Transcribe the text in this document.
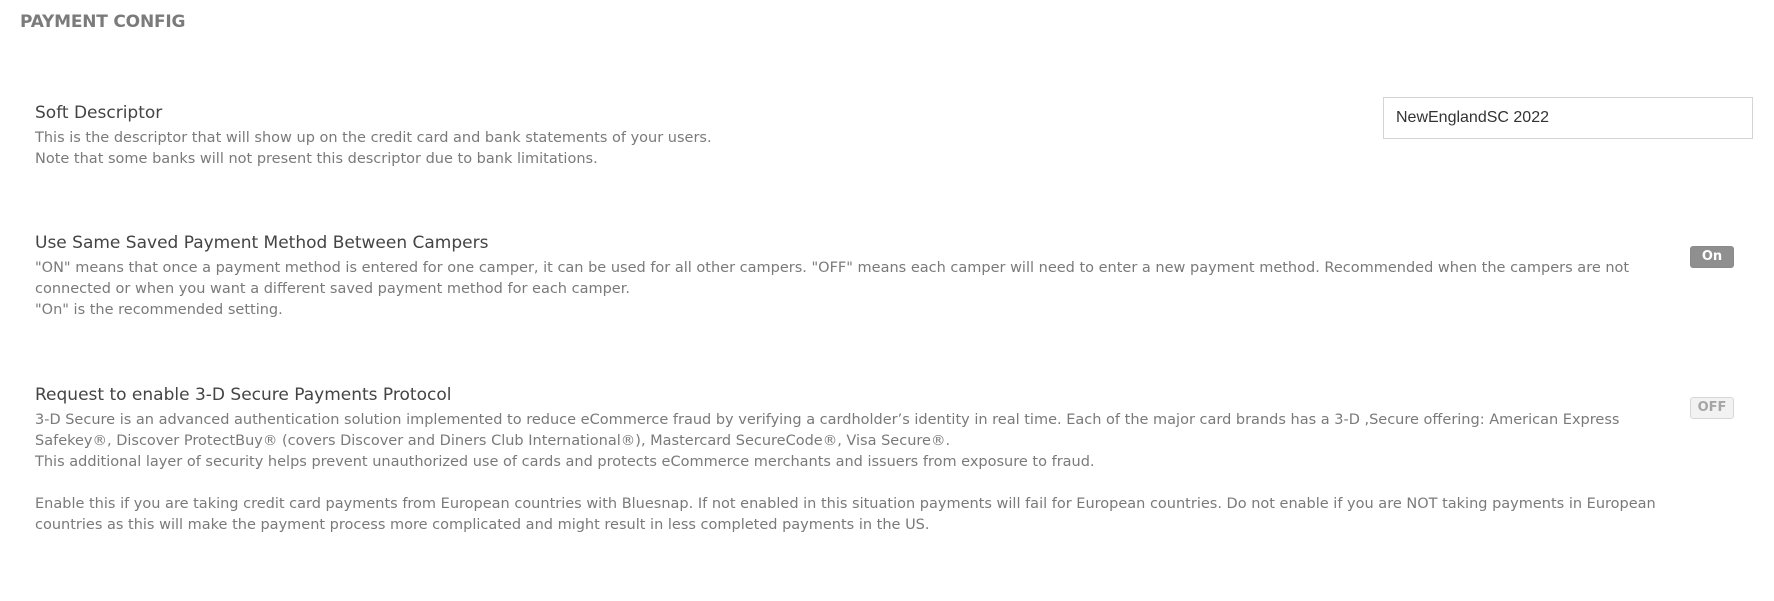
PAYMENT CONFIG
Soft Descriptor

This is the descriptor that will show up on the credit card and bank statements of your users.

Note that some banks will not present this descriptor due to bank limitations.

NewEnglandSC 2022
Use Same Saved Payment Method Between Campers

"ON" means that once a payment method is entered for one camper, it can be used for all other campers. "OFF" means each camper will need to enter a new payment method. Recommended when the campers are not connected or when you want a different saved payment method for each camper.

"On" is the recommended setting.

On
Request to enable 3-D Secure Payments Protocol

3-D Secure is an advanced authentication solution implemented to reduce eCommerce fraud by verifying a cardholder’s identity in real time. Each of the major card brands has a 3-D ,Secure offering: American Express Safekey®, Discover ProtectBuy® (covers Discover and Diners Club International®), Mastercard SecureCode®, Visa Secure®.

This additional layer of security helps prevent unauthorized use of cards and protects eCommerce merchants and issuers from exposure to fraud.

Enable this if you are taking credit card payments from European countries with Bluesnap. If not enabled in this situation payments will fail for European countries. Do not enable if you are NOT taking payments in European countries as this will make the payment process more complicated and might result in less completed payments in the US.

OFF
